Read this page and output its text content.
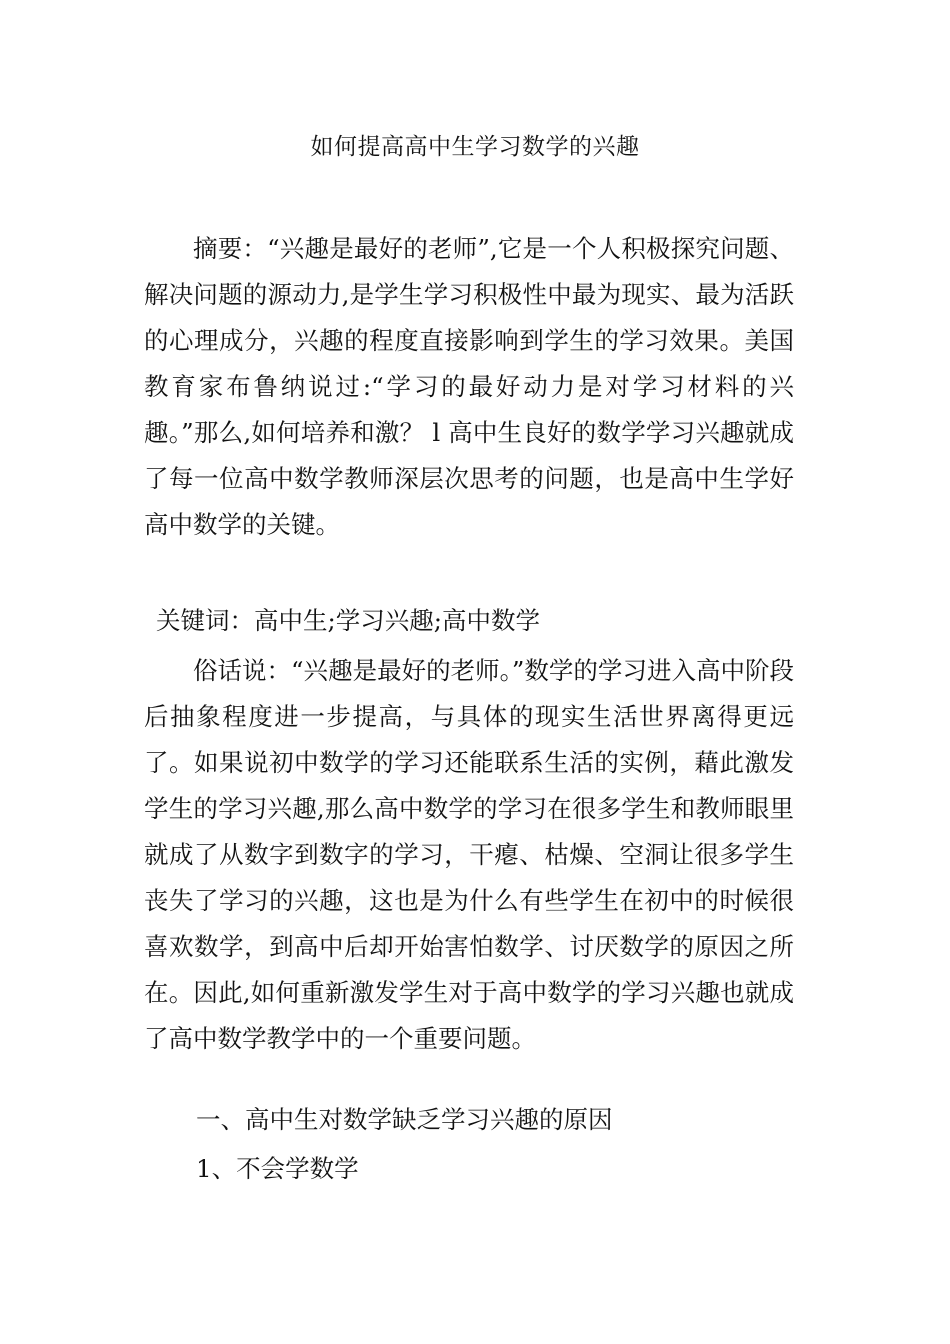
如何提高高中生学习数学的兴趣

摘要：“兴趣是最好的老师”,它是一个人积极探究问题、解决问题的源动力,是学生学习积极性中最为现实、最为活跃的心理成分，兴趣的程度直接影响到学生的学习效果。美国教育家布鲁纳说过:“学习的最好动力是对学习材料的兴趣。”那么,如何培养和激？ l 高中生良好的数学学习兴趣就成了每一位高中数学教师深层次思考的问题，也是高中生学好高中数学的关键。

关键词：高中生;学习兴趣;高中数学

俗话说：“兴趣是最好的老师。”数学的学习进入高中阶段后抽象程度进一步提高，与具体的现实生活世界离得更远了。如果说初中数学的学习还能联系生活的实例，藉此激发学生的学习兴趣,那么高中数学的学习在很多学生和教师眼里就成了从数字到数字的学习，干瘪、枯燥、空洞让很多学生丧失了学习的兴趣，这也是为什么有些学生在初中的时候很喜欢数学，到高中后却开始害怕数学、讨厌数学的原因之所在。因此,如何重新激发学生对于高中数学的学习兴趣也就成了高中数学教学中的一个重要问题。

一、高中生对数学缺乏学习兴趣的原因
1、不会学数学
